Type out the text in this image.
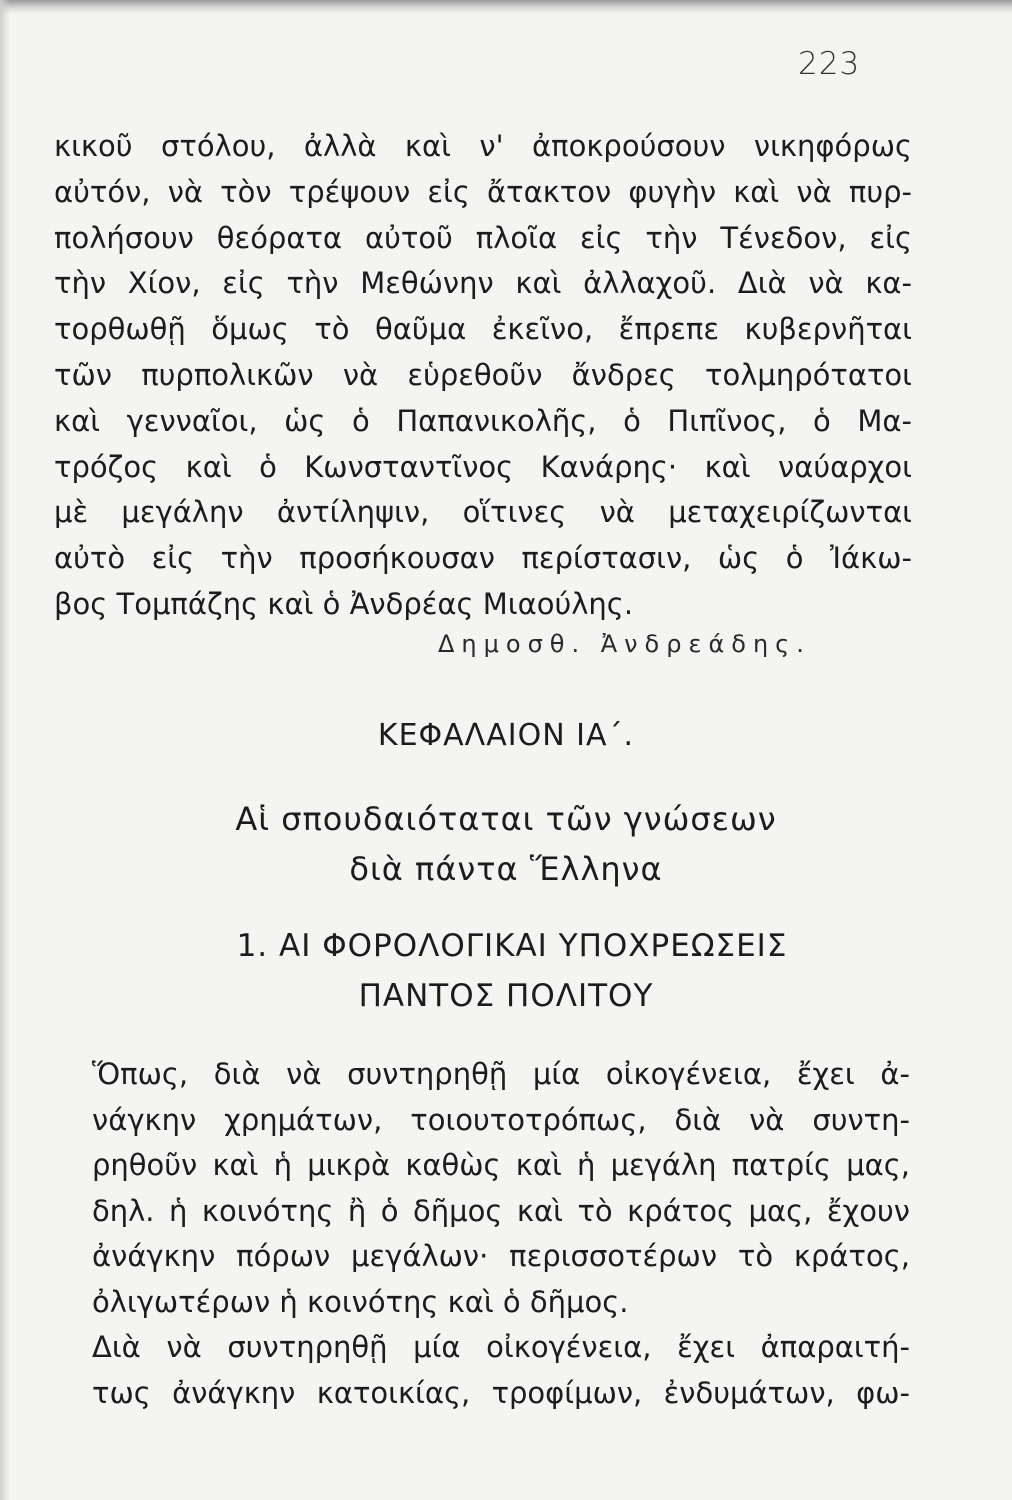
223
κικοῦ στόλου, ἀλλὰ καὶ ν' ἀποκρούσουν νικηφόρως
αὐτόν, νὰ τὸν τρέψουν εἰς ἄτακτον φυγὴν καὶ νὰ πυρ-
πολήσουν θεόρατα αὐτοῦ πλοῖα εἰς τὴν Τένεδον, εἰς
τὴν Χίον, εἰς τὴν Μεθώνην καὶ ἀλλαχοῦ. Διὰ νὰ κα-
τορθωθῇ ὅμως τὸ θαῦμα ἐκεῖνο, ἔπρεπε κυβερνῆται
τῶν πυρπολικῶν νὰ εὑρεθοῦν ἄνδρες τολμηρότατοι
καὶ γενναῖοι, ὡς ὁ Παπανικολῆς, ὁ Πιπῖνος, ὁ Μα-
τρόζος καὶ ὁ Κωνσταντῖνος Κανάρης· καὶ ναύαρχοι
μὲ μεγάλην ἀντίληψιν, οἵτινες νὰ μεταχειρίζωνται
αὐτὸ εἰς τὴν προσήκουσαν περίστασιν, ὡς ὁ Ἰάκω-
βος Τομπάζης καὶ ὁ Ἀνδρέας Μιαούλης.
Δημοσθ. Ἀνδρεάδης.
ΚΕΦΑΛΑΙΟΝ ΙΑ΄.
Αἱ σπουδαιόταται τῶν γνώσεων
διὰ πάντα Ἕλληνα
1. ΑΙ ΦΟΡΟΛΟΓΙΚΑΙ ΥΠΟΧΡΕΩΣΕΙΣ
ΠΑΝΤΟΣ ΠΟΛΙΤΟΥ
Ὅπως, διὰ νὰ συντηρηθῇ μία οἰκογένεια, ἔχει ἀ-
νάγκην χρημάτων, τοιουτοτρόπως, διὰ νὰ συντη-
ρηθοῦν καὶ ἡ μικρὰ καθὼς καὶ ἡ μεγάλη πατρίς μας,
δηλ. ἡ κοινότης ἢ ὁ δῆμος καὶ τὸ κράτος μας, ἔχουν
ἀνάγκην πόρων μεγάλων· περισσοτέρων τὸ κράτος,
ὀλιγωτέρων ἡ κοινότης καὶ ὁ δῆμος.
Διὰ νὰ συντηρηθῇ μία οἰκογένεια, ἔχει ἀπαραιτή-
τως ἀνάγκην κατοικίας, τροφίμων, ἐνδυμάτων, φω-
